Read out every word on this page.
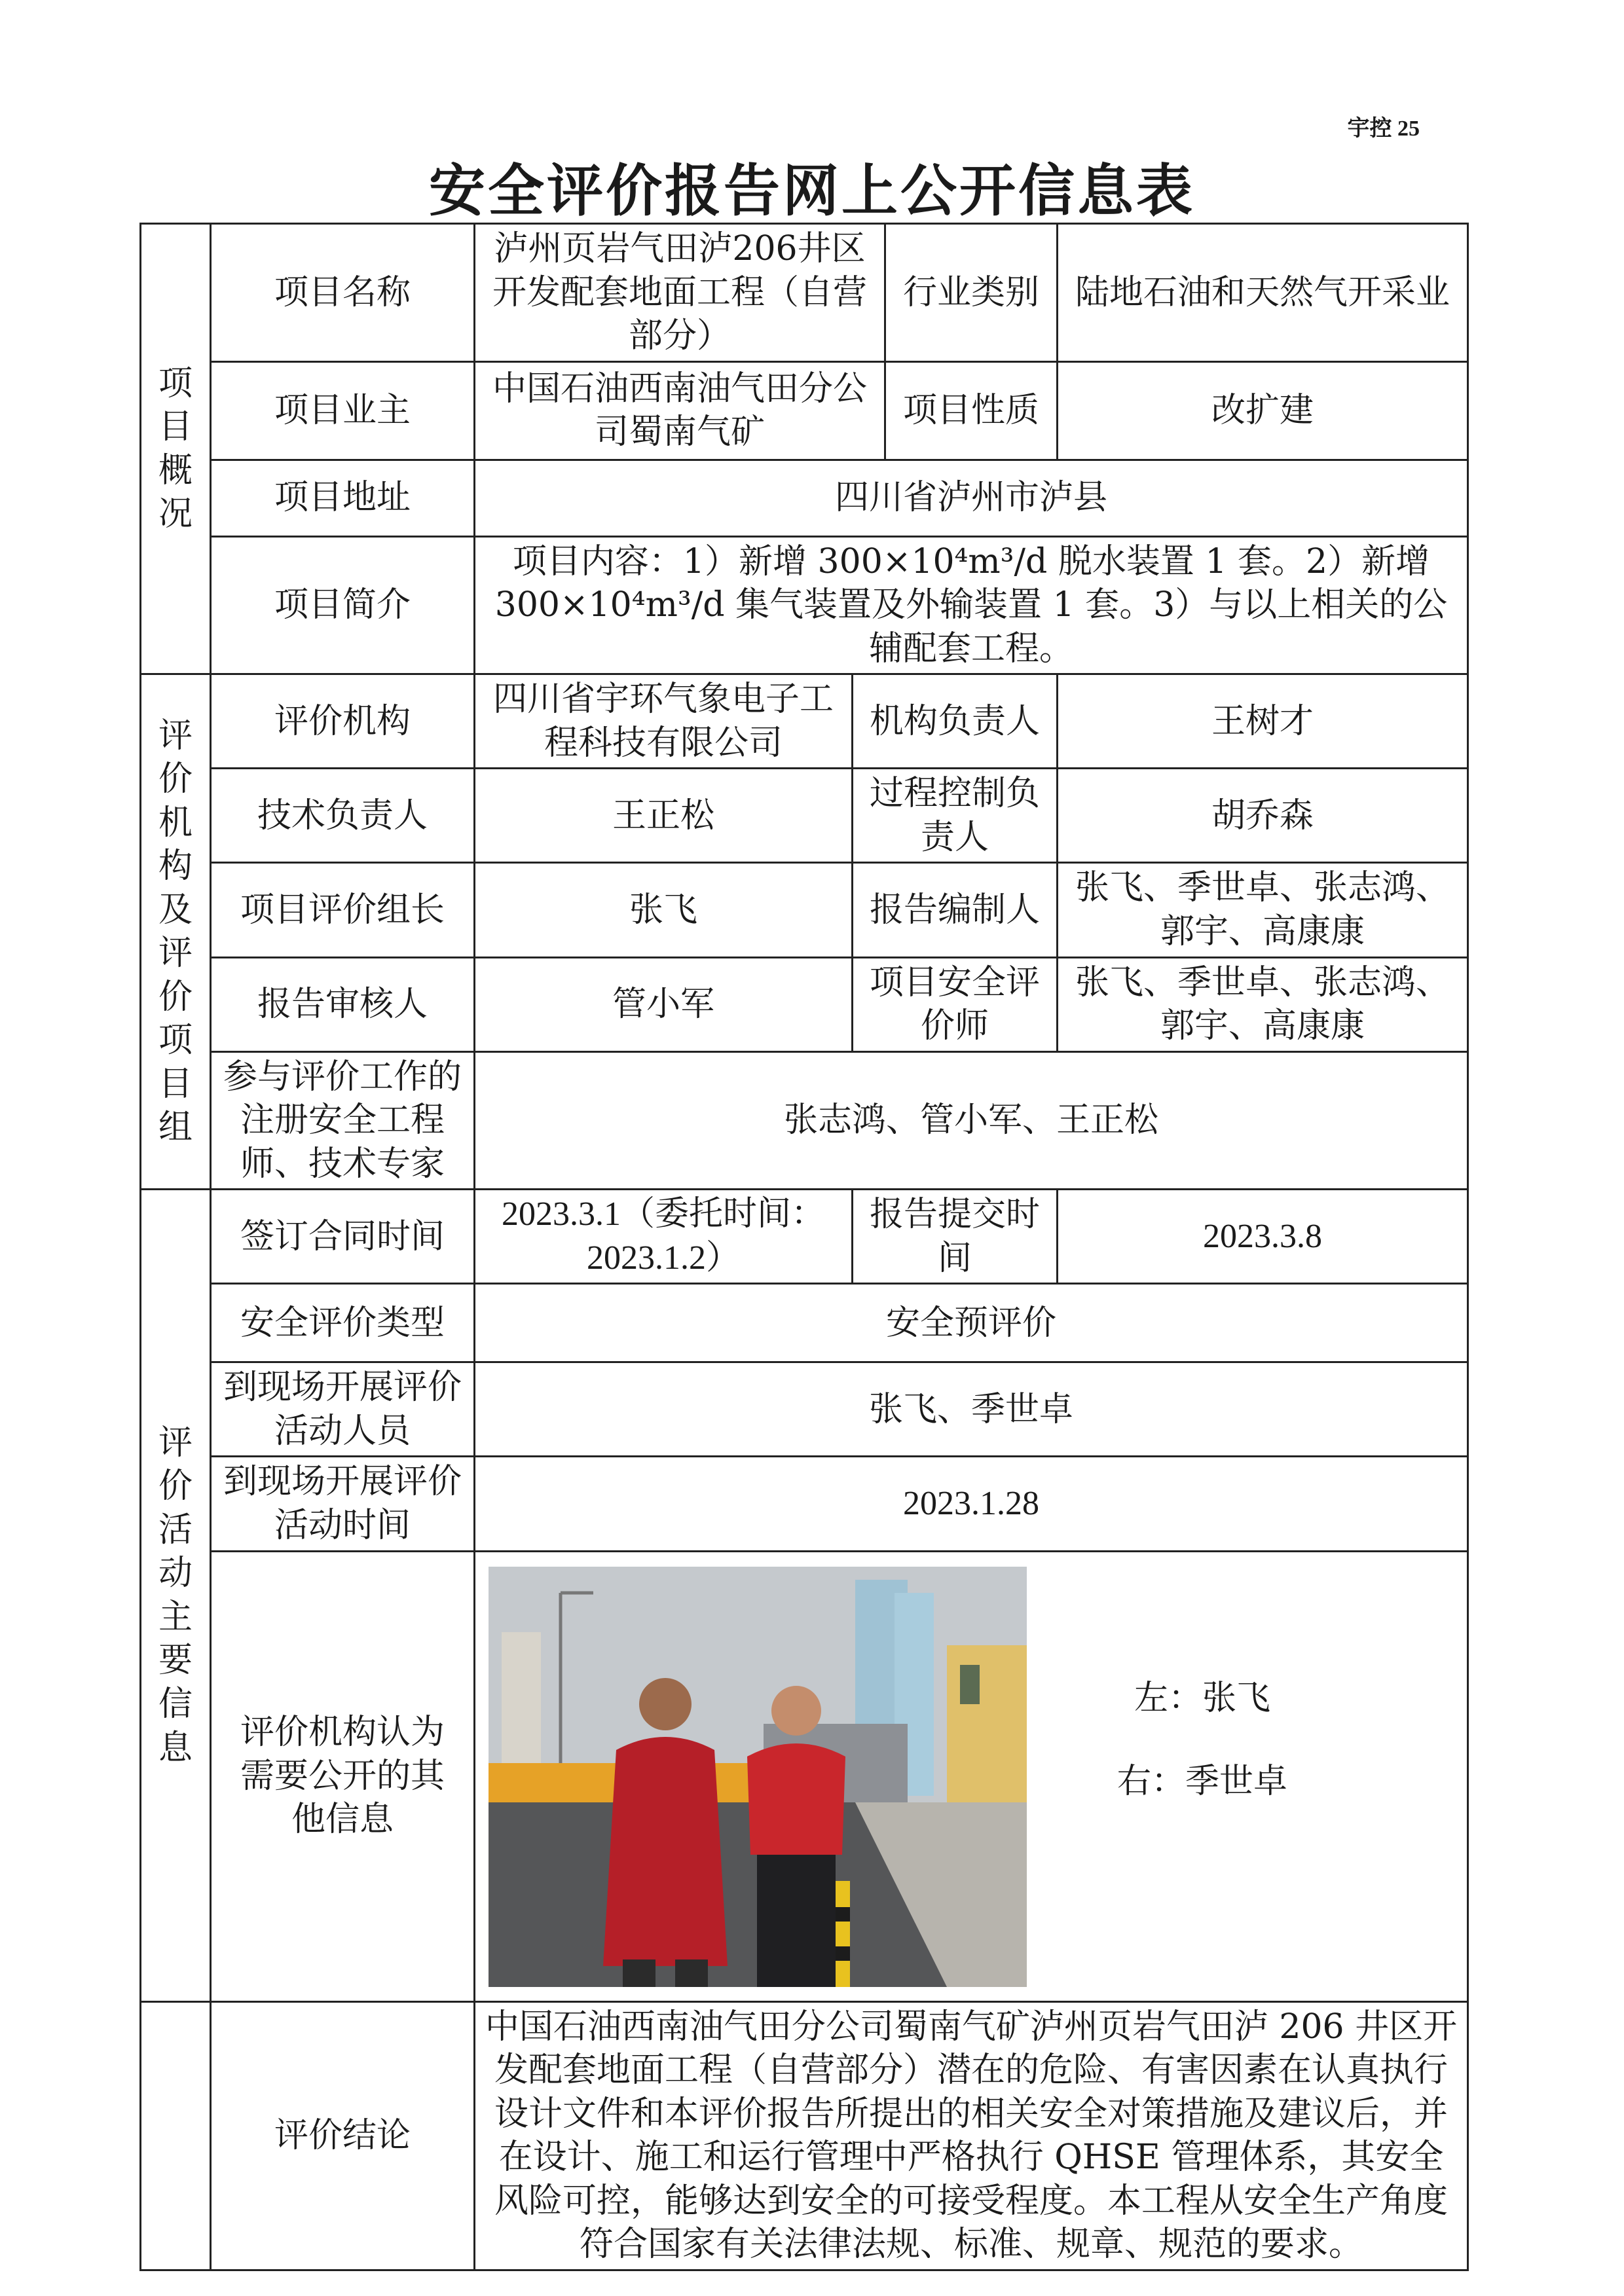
宇控 25
安全评价报告网上公开信息表
项目概况	项目名称	泸州页岩气田泸206井区开发配套地面工程（自营部分）		行业类别	陆地石油和天然气开采业
	项目业主	中国石油西南油气田分公司蜀南气矿		项目性质	改扩建
	项目地址	四川省泸州市泸县			
	项目简介	项目内容：1）新增 300×10⁴m³/d 脱水装置 1 套。2）新增 300×10⁴m³/d 集气装置及外输装置 1 套。3）与以上相关的公辅配套工程。			
评价机构及评价项目组	评价机构	四川省宇环气象电子工程科技有限公司	机构负责人		王树才
	技术负责人	王正松	过程控制负责人		胡乔森
	项目评价组长	张飞	报告编制人		张飞、季世卓、张志鸿、郭宇、高康康
	报告审核人	管小军	项目安全评价师		张飞、季世卓、张志鸿、郭宇、高康康
	参与评价工作的注册安全工程师、技术专家	张志鸿、管小军、王正松			
评价活动主要信息	签订合同时间	2023.3.1（委托时间：2023.1.2）	报告提交时间		2023.3.8
	安全评价类型	安全预评价			
	到现场开展评价活动人员	张飞、季世卓			
	到现场开展评价活动时间	2023.1.28			
	评价机构认为需要公开的其他信息	左：张飞
右：季世卓			

	评价结论	中国石油西南油气田分公司蜀南气矿泸州页岩气田泸 206 井区开发配套地面工程（自营部分）潜在的危险、有害因素在认真执行设计文件和本评价报告所提出的相关安全对策措施及建议后，并在设计、施工和运行管理中严格执行 QHSE 管理体系，其安全风险可控，能够达到安全的可接受程度。本工程从安全生产角度符合国家有关法律法规、标准、规章、规范的要求。			
